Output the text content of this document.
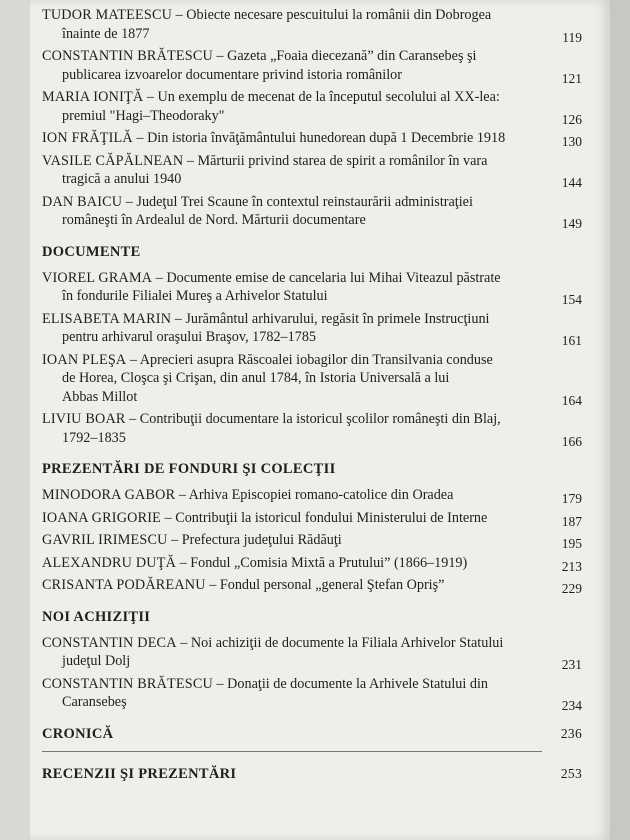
TUDOR MATEESCU – Obiecte necesare pescuitului la românii din Dobrogea
înainte de 1877	119
CONSTANTIN BRĂTESCU – Gazeta „Foaia diecezană” din Caransebeş şi
publicarea izvoarelor documentare privind istoria românilor	121
MARIA IONIŢĂ – Un exemplu de mecenat de la începutul secolului al XX-lea:
premiul "Hagi–Theodoraky"	126
ION FRĂŢILĂ – Din istoria învăţământului hunedorean după 1 Decembrie 1918	130
VASILE CĂPĂLNEAN – Mărturii privind starea de spirit a românilor în vara
tragică a anului 1940	144
DAN BAICU – Judeţul Trei Scaune în contextul reinstaurării administraţiei
româneşti în Ardealul de Nord. Mărturii documentare	149
DOCUMENTE
VIOREL GRAMA – Documente emise de cancelaria lui Mihai Viteazul păstrate
în fondurile Filialei Mureş a Arhivelor Statului	154
ELISABETA MARIN – Jurământul arhivarului, regăsit în primele Instrucţiuni
pentru arhivarul oraşului Braşov, 1782–1785	161
IOAN PLEŞA – Aprecieri asupra Răscoalei iobagilor din Transilvania conduse
de Horea, Cloşca şi Crişan, din anul 1784, în Istoria Universală a lui
Abbas Millot	164
LIVIU BOAR – Contribuţii documentare la istoricul şcolilor româneşti din Blaj,
1792–1835	166
PREZENTĂRI DE FONDURI ŞI COLECŢII
MINODORA GABOR – Arhiva Episcopiei romano-catolice din Oradea	179
IOANA GRIGORIE – Contribuţii la istoricul fondului Ministerului de Interne	187
GAVRIL IRIMESCU – Prefectura judeţului Rădăuţi	195
ALEXANDRU DUŢĂ – Fondul „Comisia Mixtă a Prutului” (1866–1919)	213
CRISANTA PODĂREANU – Fondul personal „general Ştefan Opriş”	229
NOI ACHIZIŢII
CONSTANTIN DECA – Noi achiziţii de documente la Filiala Arhivelor Statului
judeţul Dolj	231
CONSTANTIN BRĂTESCU – Donaţii de documente la Arhivele Statului din
Caransebeş	234
CRONICĂ	236
RECENZII ŞI PREZENTĂRI	253
